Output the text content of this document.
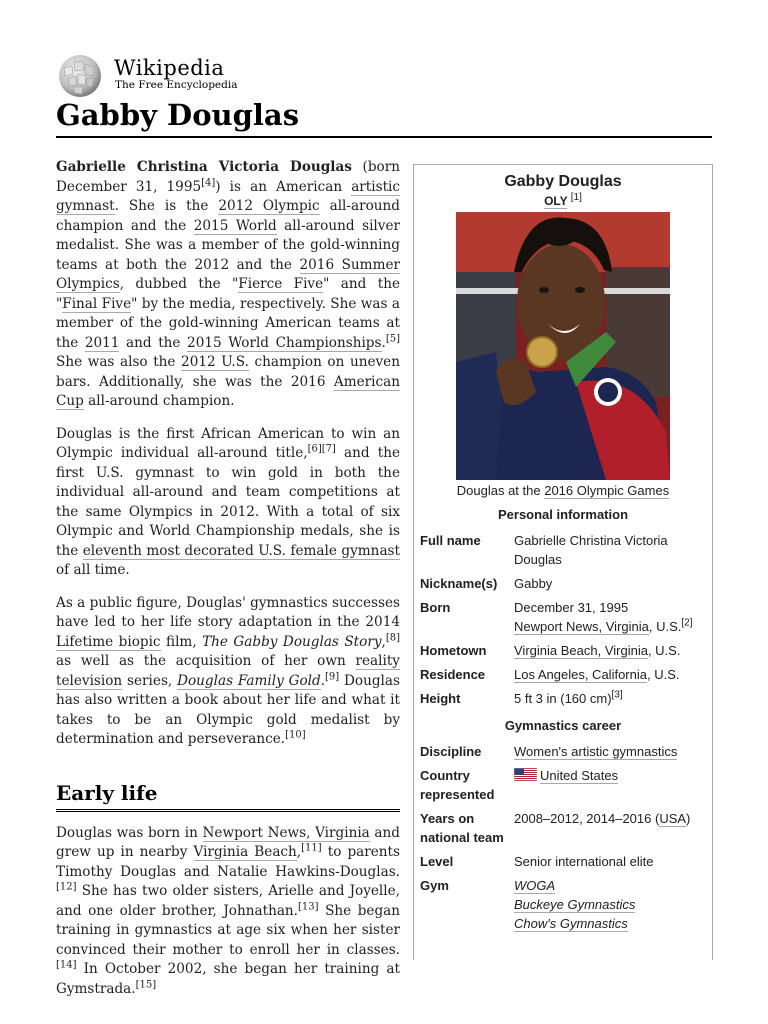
Wikipedia
The Free Encyclopedia
Gabby Douglas

Gabrielle Christina Victoria Douglas (born December 31, 1995[4]) is an American artistic gymnast. She is the 2012 Olympic all-around champion and the 2015 World all-around silver medalist. She was a member of the gold-winning teams at both the 2012 and the 2016 Summer Olympics, dubbed the "Fierce Five" and the "Final Five" by the media, respectively. She was a member of the gold-winning American teams at the 2011 and the 2015 World Championships.[5] She was also the 2012 U.S. champion on uneven bars. Additionally, she was the 2016 American Cup all-around champion.

Douglas is the first African American to win an Olympic individual all-around title,[6][7] and the first U.S. gymnast to win gold in both the individual all-around and team competitions at the same Olympics in 2012. With a total of six Olympic and World Championship medals, she is the eleventh most decorated U.S. female gymnast of all time.

As a public figure, Douglas' gymnastics successes have led to her life story adaptation in the 2014 Lifetime biopic film, The Gabby Douglas Story,[8] as well as the acquisition of her own reality television series, Douglas Family Gold.[9] Douglas has also written a book about her life and what it takes to be an Olympic gold medalist by determination and perseverance.[10]

Early life

Douglas was born in Newport News, Virginia and grew up in nearby Virginia Beach,[11] to parents Timothy Douglas and Natalie Hawkins-Douglas.[12] She has two older sisters, Arielle and Joyelle, and one older brother, Johnathan.[13] She began training in gymnastics at age six when her sister convinced their mother to enroll her in classes.[14] In October 2002, she began her training at Gymstrada.[15]

Gabby Douglas
OLY [1]
Douglas at the 2016 Olympic Games
Personal information
Full name	Gabrielle Christina Victoria Douglas
Nickname(s)	Gabby
Born	December 31, 1995
Newport News, Virginia, U.S.[2]
Hometown	Virginia Beach, Virginia, U.S.
Residence	Los Angeles, California, U.S.
Height	5 ft 3 in (160 cm)[3]
Gymnastics career
Discipline	Women's artistic gymnastics
Country represented	United States
Years on national team	2008–2012, 2014–2016 (USA)
Level	Senior international elite
Gym	WOGA
Buckeye Gymnastics
Chow's Gymnastics
